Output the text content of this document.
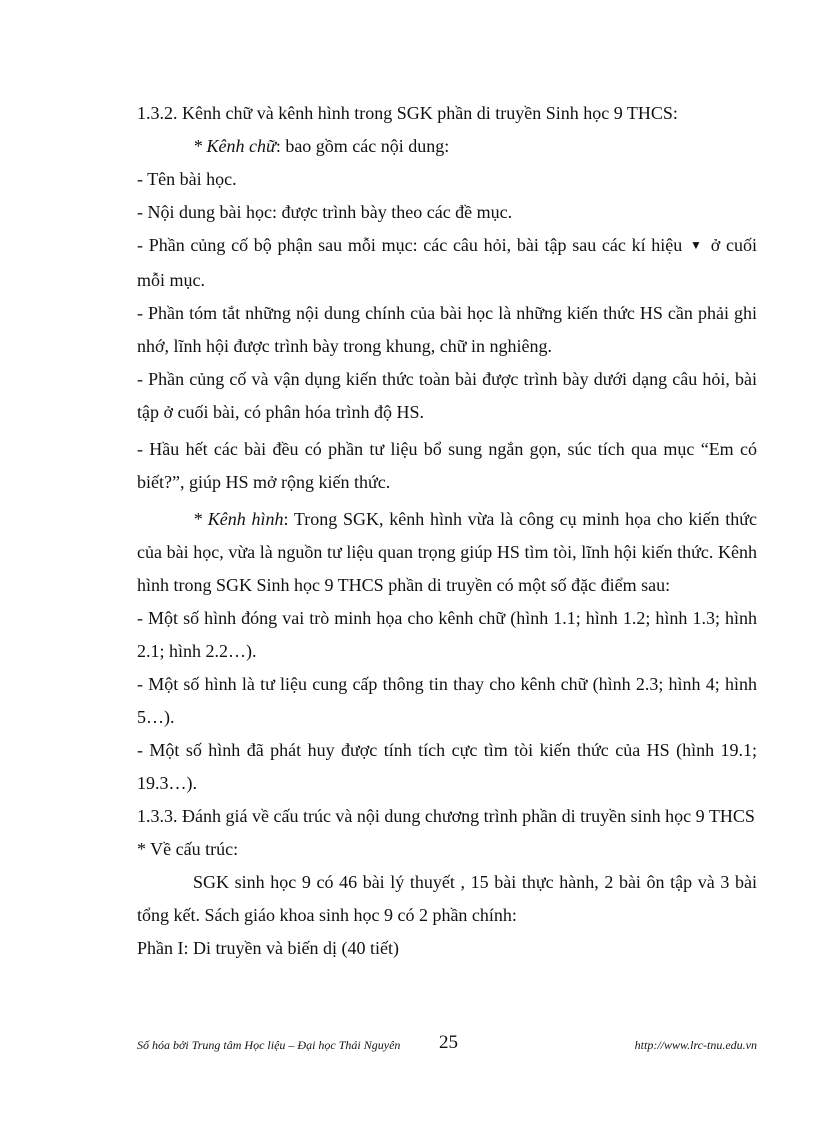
1.3.2. Kênh chữ và kênh hình trong SGK phần di truyền Sinh học 9 THCS:

* Kênh chữ: bao gồm các nội dung:

- Tên bài học.

- Nội dung bài học: được trình bày theo các đề mục.

- Phần củng cố bộ phận sau mỗi mục: các câu hỏi, bài tập sau các kí hiệu ▼ ở cuối mỗi mục.

- Phần tóm tắt những nội dung chính của bài học là những kiến thức HS cần phải ghi nhớ, lĩnh hội được trình bày trong khung, chữ in nghiêng.

- Phần củng cố và vận dụng kiến thức toàn bài được trình bày dưới dạng câu hỏi, bài tập ở cuối bài, có phân hóa trình độ HS.

- Hầu hết các bài đều có phần tư liệu bổ sung ngắn gọn, súc tích qua mục “Em có biết?”, giúp HS mở rộng kiến thức.

* Kênh hình: Trong SGK, kênh hình vừa là công cụ minh họa cho kiến thức của bài học, vừa là nguồn tư liệu quan trọng giúp HS tìm tòi, lĩnh hội kiến thức. Kênh hình trong SGK Sinh học 9 THCS phần di truyền có một số đặc điểm sau:

- Một số hình đóng vai trò minh họa cho kênh chữ (hình 1.1; hình 1.2; hình 1.3; hình 2.1; hình 2.2…).

- Một số hình là tư liệu cung cấp thông tin thay cho kênh chữ (hình 2.3; hình 4; hình 5…).

- Một số hình đã phát huy được tính tích cực tìm tòi kiến thức của HS (hình 19.1; 19.3…).

1.3.3. Đánh giá về cấu trúc và nội dung chương trình phần di truyền sinh học 9 THCS

* Về cấu trúc:

SGK sinh học 9 có 46 bài lý thuyết , 15 bài thực hành, 2 bài ôn tập và 3 bài tổng kết. Sách giáo khoa sinh học 9 có 2 phần chính:

Phần I: Di truyền và biến dị (40 tiết)

Số hóa bởi Trung tâm Học liệu – Đại học Thái Nguyên 25	http://www.lrc-tnu.edu.vn
